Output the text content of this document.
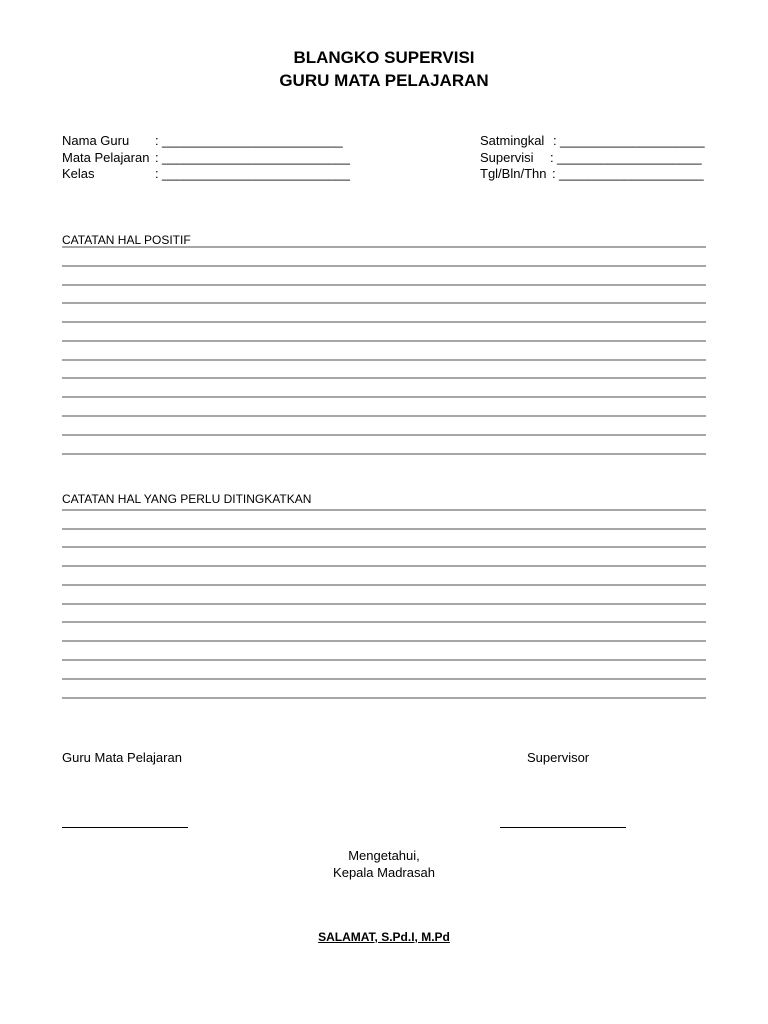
BLANGKO SUPERVISI
GURU MATA PELAJARAN
Nama Guru : _________________________
Mata Pelajaran : __________________________
Kelas	: __________________________
Satmingkal : ____________________
Supervisi : ____________________
Tgl/Bln/Thn : ____________________
CATATAN HAL POSITIF
CATATAN HAL YANG PERLU DITINGKATKAN
Guru Mata Pelajaran	Supervisor
Mengetahui,
Kepala Madrasah
SALAMAT, S.Pd.I, M.Pd
